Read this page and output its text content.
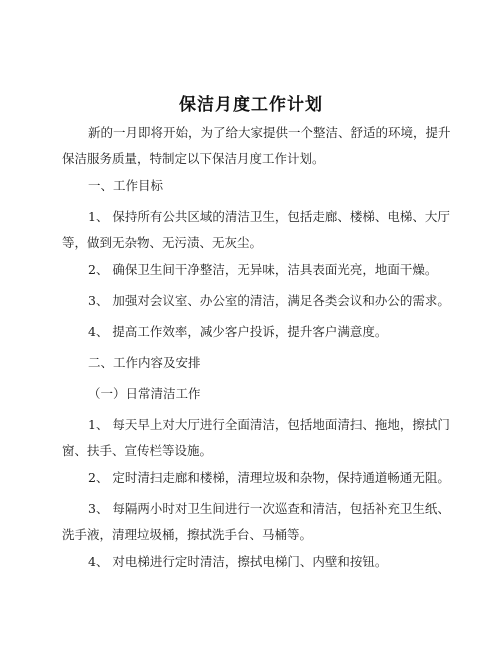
保洁月度工作计划
新的一月即将开始，为了给大家提供一个整洁、舒适的环境，提升
保洁服务质量，特制定以下保洁月度工作计划。
一、工作目标
1、 保持所有公共区域的清洁卫生，包括走廊、楼梯、电梯、大厅
等，做到无杂物、无污渍、无灰尘。
2、 确保卫生间干净整洁，无异味，洁具表面光亮，地面干燥。
3、 加强对会议室、办公室的清洁，满足各类会议和办公的需求。
4、 提高工作效率，减少客户投诉，提升客户满意度。
二、工作内容及安排
（一）日常清洁工作
1、 每天早上对大厅进行全面清洁，包括地面清扫、拖地，擦拭门
窗、扶手、宣传栏等设施。
2、 定时清扫走廊和楼梯，清理垃圾和杂物，保持通道畅通无阻。
3、 每隔两小时对卫生间进行一次巡查和清洁，包括补充卫生纸、
洗手液，清理垃圾桶，擦拭洗手台、马桶等。
4、 对电梯进行定时清洁，擦拭电梯门、内壁和按钮。
